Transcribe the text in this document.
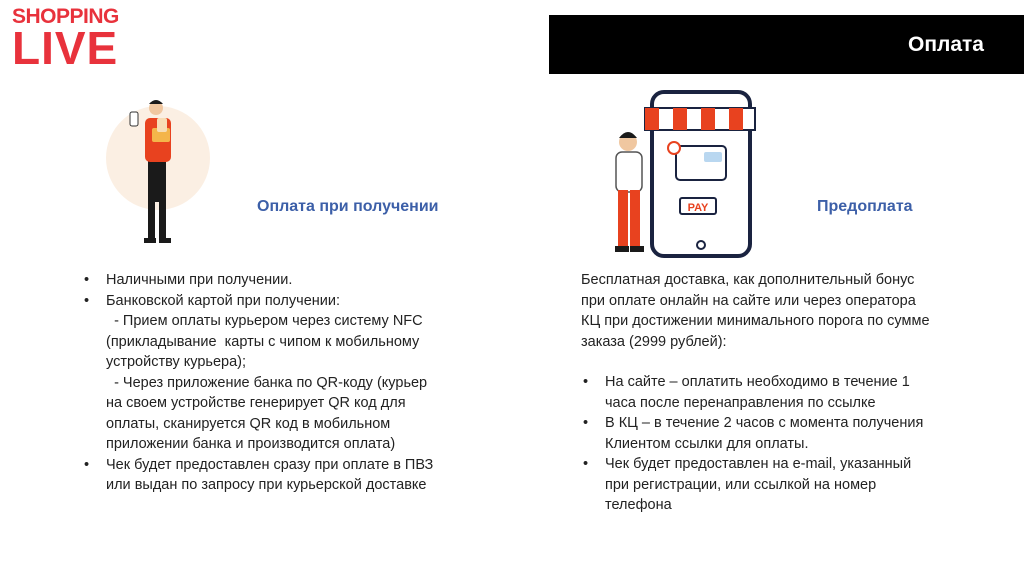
SHOPPING
LIVE	Оплата
PAY
Оплата при получении	Предоплата
• Наличными при получении.
• Банковской картой при получении:
- Прием оплаты курьером через систему NFC (прикладывание  карты с чипом к мобильному устройству курьера);
- Через приложение банка по QR-коду (курьер на своем устройстве генерирует QR код для оплаты, сканируется QR код в мобильном приложении банка и производится оплата)
• Чек будет предоставлен сразу при оплате в ПВЗ или выдан по запросу при курьерской доставке
Бесплатная доставка, как дополнительный бонус при оплате онлайн на сайте или через оператора КЦ при достижении минимального порога по сумме заказа (2999 рублей):
• На сайте – оплатить необходимо в течение 1 часа после перенаправления по ссылке
• В КЦ – в течение 2 часов с момента получения Клиентом ссылки для оплаты.
• Чек будет предоставлен на e-mail, указанный при регистрации, или ссылкой на номер телефона
